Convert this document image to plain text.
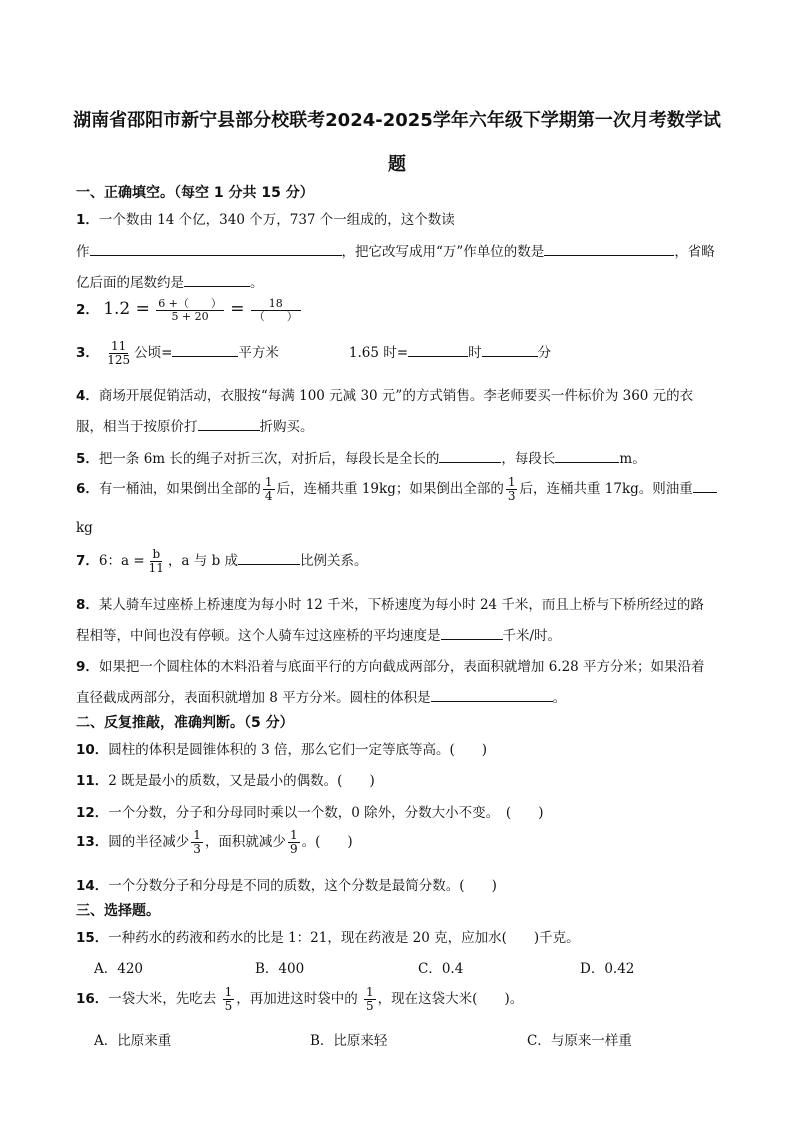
湖南省邵阳市新宁县部分校联考2024-2025学年六年级下学期第一次月考数学试
题
一、正确填空。（每空 1 分共 15 分）
1．一个数由 14 个亿，340 个万，737 个一组成的，这个数读
作	，把它改写成用“万”作单位的数是	，省略
亿后面的尾数约是	。
2． $1.2 = \frac{6 +( )}{5 + 20} = \frac{18}{( )}$
3． $\frac{11}{125}$ 公顷=	平方米	1.65 时=	时	分
4．商场开展促销活动，衣服按“每满 100 元减 30 元”的方式销售。李老师要买一件标价为 360 元的衣
服，相当于按原价打	折购买。
5．把一条 6m 长的绳子对折三次，对折后，每段长是全长的	，每段长	m。
6．有一桶油，如果倒出全部的 $\frac{1}{4}$ 后，连桶共重 19kg；如果倒出全部的 $\frac{1}{3}$ 后，连桶共重 17kg。则油重
kg
7．6：$a = \frac{b}{11}$ ，a 与 b 成	比例关系。
8．某人骑车过座桥上桥速度为每小时 12 千米，下桥速度为每小时 24 千米，而且上桥与下桥所经过的路
程相等，中间也没有停顿。这个人骑车过这座桥的平均速度是	千米/时。
9．如果把一个圆柱体的木料沿着与底面平行的方向截成两部分，表面积就增加 6.28 平方分米；如果沿着
直径截成两部分，表面积就增加 8 平方分米。圆柱的体积是	。
二、反复推敲，准确判断。（5 分）
10．圆柱的体积是圆锥体积的 3 倍，那么它们一定等底等高。(　　)
11．2 既是最小的质数，又是最小的偶数。(　　)
12．一个分数，分子和分母同时乘以一个数，0 除外，分数大小不变。　(　　)
13．圆的半径减少 $\frac{1}{3}$ ，面积就减少 $\frac{1}{9}$ 。(　　)
14．一个分数分子和分母是不同的质数，这个分数是最简分数。(　　)
三、选择题。
15．一种药水的药液和药水的比是 1：21，现在药液是 20 克，应加水(　　)千克。
A．420	B．400	C．0.4	D．0.42
16．一袋大米，先吃去 $\frac{1}{5}$ ，再加进这时袋中的 $\frac{1}{5}$ ，现在这袋大米(　　)。
A．比原来重	B．比原来轻	C．与原来一样重
